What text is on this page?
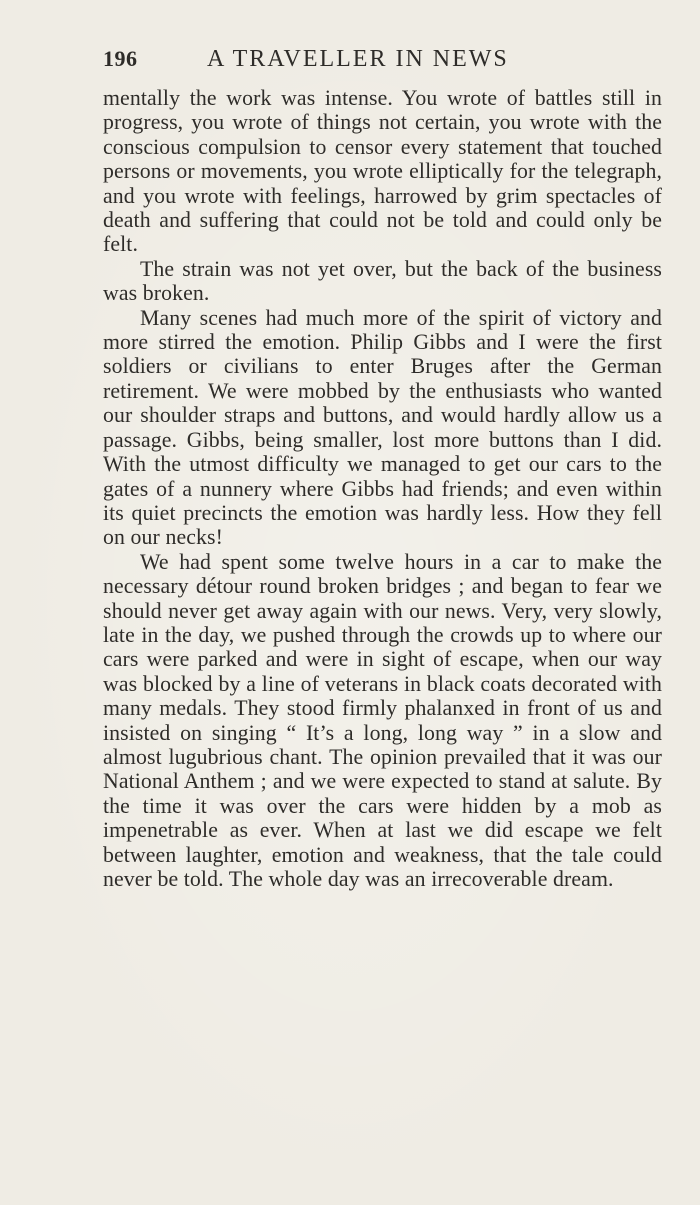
196	A TRAVELLER IN NEWS

mentally the work was intense. You wrote of battles still in progress, you wrote of things not certain, you wrote with the conscious compulsion to censor every statement that touched persons or movements, you wrote elliptically for the telegraph, and you wrote with feelings, harrowed by grim spectacles of death and suffering that could not be told and could only be felt.

The strain was not yet over, but the back of the business was broken.

Many scenes had much more of the spirit of victory and more stirred the emotion. Philip Gibbs and I were the first soldiers or civilians to enter Bruges after the German retirement. We were mobbed by the enthusiasts who wanted our shoulder straps and buttons, and would hardly allow us a passage. Gibbs, being smaller, lost more buttons than I did. With the utmost difficulty we managed to get our cars to the gates of a nunnery where Gibbs had friends; and even within its quiet precincts the emotion was hardly less. How they fell on our necks!

We had spent some twelve hours in a car to make the necessary détour round broken bridges ; and began to fear we should never get away again with our news. Very, very slowly, late in the day, we pushed through the crowds up to where our cars were parked and were in sight of escape, when our way was blocked by a line of veterans in black coats decorated with many medals. They stood firmly phalanxed in front of us and insisted on singing “ It’s a long, long way ” in a slow and almost lugubrious chant. The opinion prevailed that it was our National Anthem ; and we were expected to stand at salute. By the time it was over the cars were hidden by a mob as impenetrable as ever. When at last we did escape we felt between laughter, emotion and weakness, that the tale could never be told. The whole day was an irrecoverable dream.
